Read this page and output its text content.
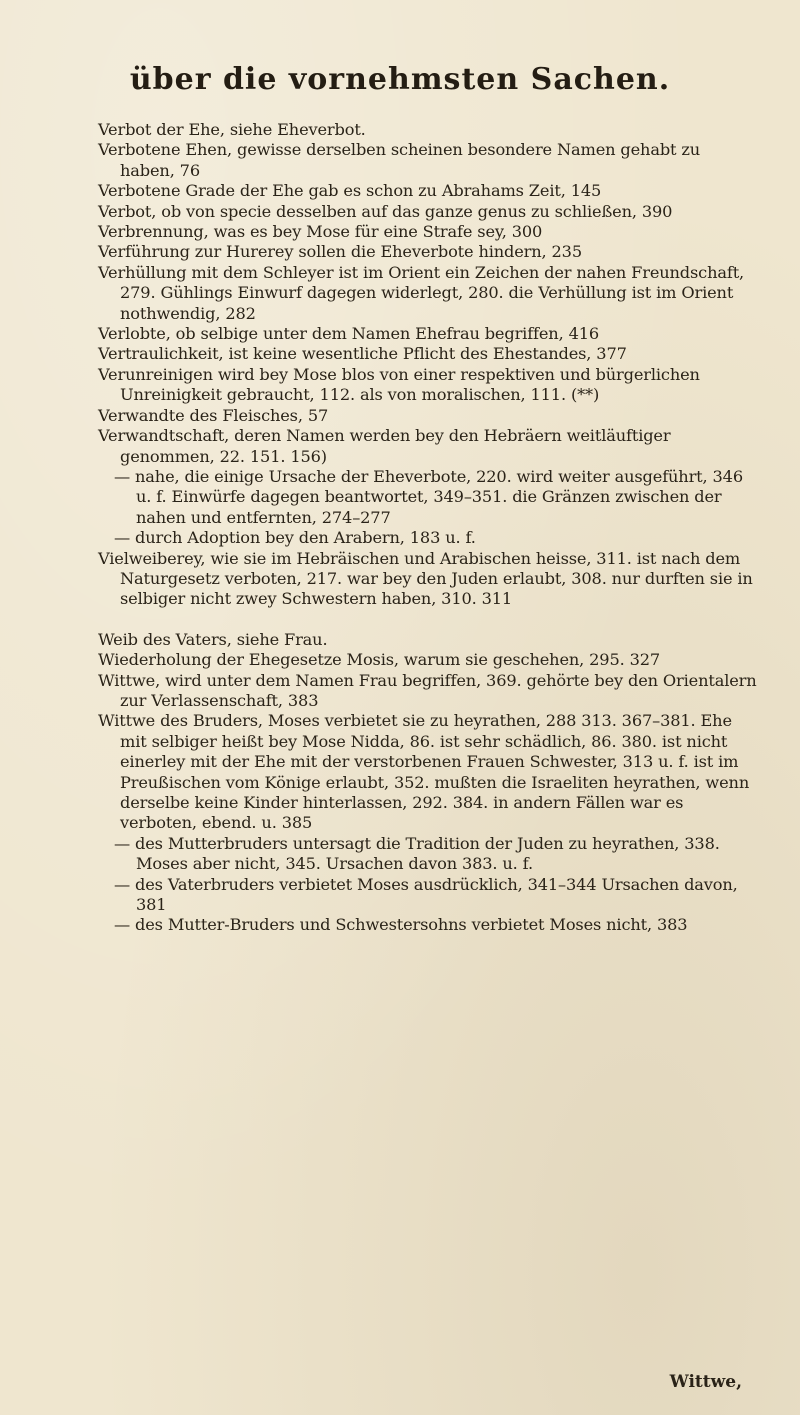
über die vornehmsten Sachen.

Verbot der Ehe, siehe Eheverbot.

Verbotene Ehen, gewisse derselben scheinen besondere Namen gehabt zu haben, 76

Verbotene Grade der Ehe gab es schon zu Abrahams Zeit, 145

Verbot, ob von specie desselben auf das ganze genus zu schließen, 390

Verbrennung, was es bey Mose für eine Strafe sey, 300

Verführung zur Hurerey sollen die Eheverbote hindern, 235

Verhüllung mit dem Schleyer ist im Orient ein Zeichen der nahen Freundschaft, 279. Gühlings Einwurf dagegen widerlegt, 280. die Verhüllung ist im Orient nothwendig, 282

Verlobte, ob selbige unter dem Namen Ehefrau begriffen, 416

Vertraulichkeit, ist keine wesentliche Pflicht des Ehestandes, 377

Verunreinigen wird bey Mose blos von einer respektiven und bürgerlichen Unreinigkeit gebraucht, 112. als von moralischen, 111. (**)

Verwandte des Fleisches, 57

Verwandtschaft, deren Namen werden bey den Hebräern weitläuftiger genommen, 22. 151. 156)

— nahe, die einige Ursache der Eheverbote, 220. wird weiter ausgeführt, 346 u. f. Einwürfe dagegen beantwortet, 349–351. die Gränzen zwischen der nahen und entfernten, 274–277

— durch Adoption bey den Arabern, 183 u. f.

Vielweiberey, wie sie im Hebräischen und Arabischen heisse, 311. ist nach dem Naturgesetz verboten, 217. war bey den Juden erlaubt, 308. nur durften sie in selbiger nicht zwey Schwestern haben, 310. 311

Weib des Vaters, siehe Frau.

Wiederholung der Ehegesetze Mosis, warum sie geschehen, 295. 327

Wittwe, wird unter dem Namen Frau begriffen, 369. gehörte bey den Orientalern zur Verlassenschaft, 383

Wittwe des Bruders, Moses verbietet sie zu heyrathen, 288 313. 367–381. Ehe mit selbiger heißt bey Mose Nidda, 86. ist sehr schädlich, 86. 380. ist nicht einerley mit der Ehe mit der verstorbenen Frauen Schwester, 313 u. f. ist im Preußischen vom Könige erlaubt, 352. mußten die Israeliten heyrathen, wenn derselbe keine Kinder hinterlassen, 292. 384. in andern Fällen war es verboten, ebend. u. 385

— des Mutterbruders untersagt die Tradition der Juden zu heyrathen, 338. Moses aber nicht, 345. Ursachen davon 383. u. f.

— des Vaterbruders verbietet Moses ausdrücklich, 341–344 Ursachen davon, 381

— des Mutter-Bruders und Schwestersohns verbietet Moses nicht, 383

Wittwe,
